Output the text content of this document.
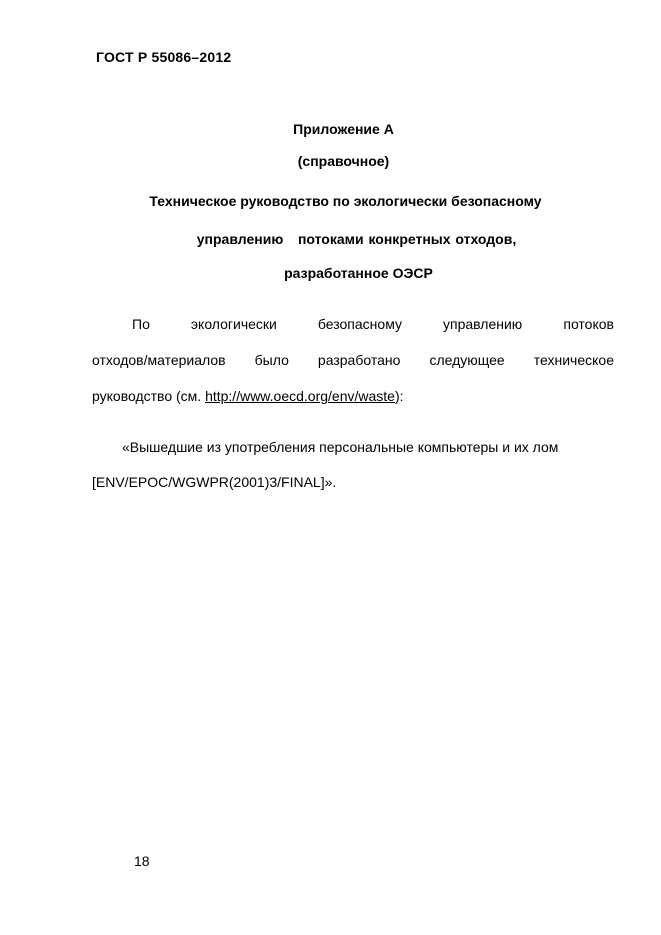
ГОСТ Р 55086–2012
Приложение А
(справочное)
Техническое руководство по экологически безопасному
управлению   потоками конкретных отходов,
разработанное ОЭСР
По	экологически	безопасному	управлению	потоков
отходов/материалов было разработано следующее техническое
руководство (см. http://www.oecd.org/env/waste):
«Вышедшие из употребления персональные компьютеры и их лом
[ENV/EPOC/WGWPR(2001)3/FINAL]».
18
